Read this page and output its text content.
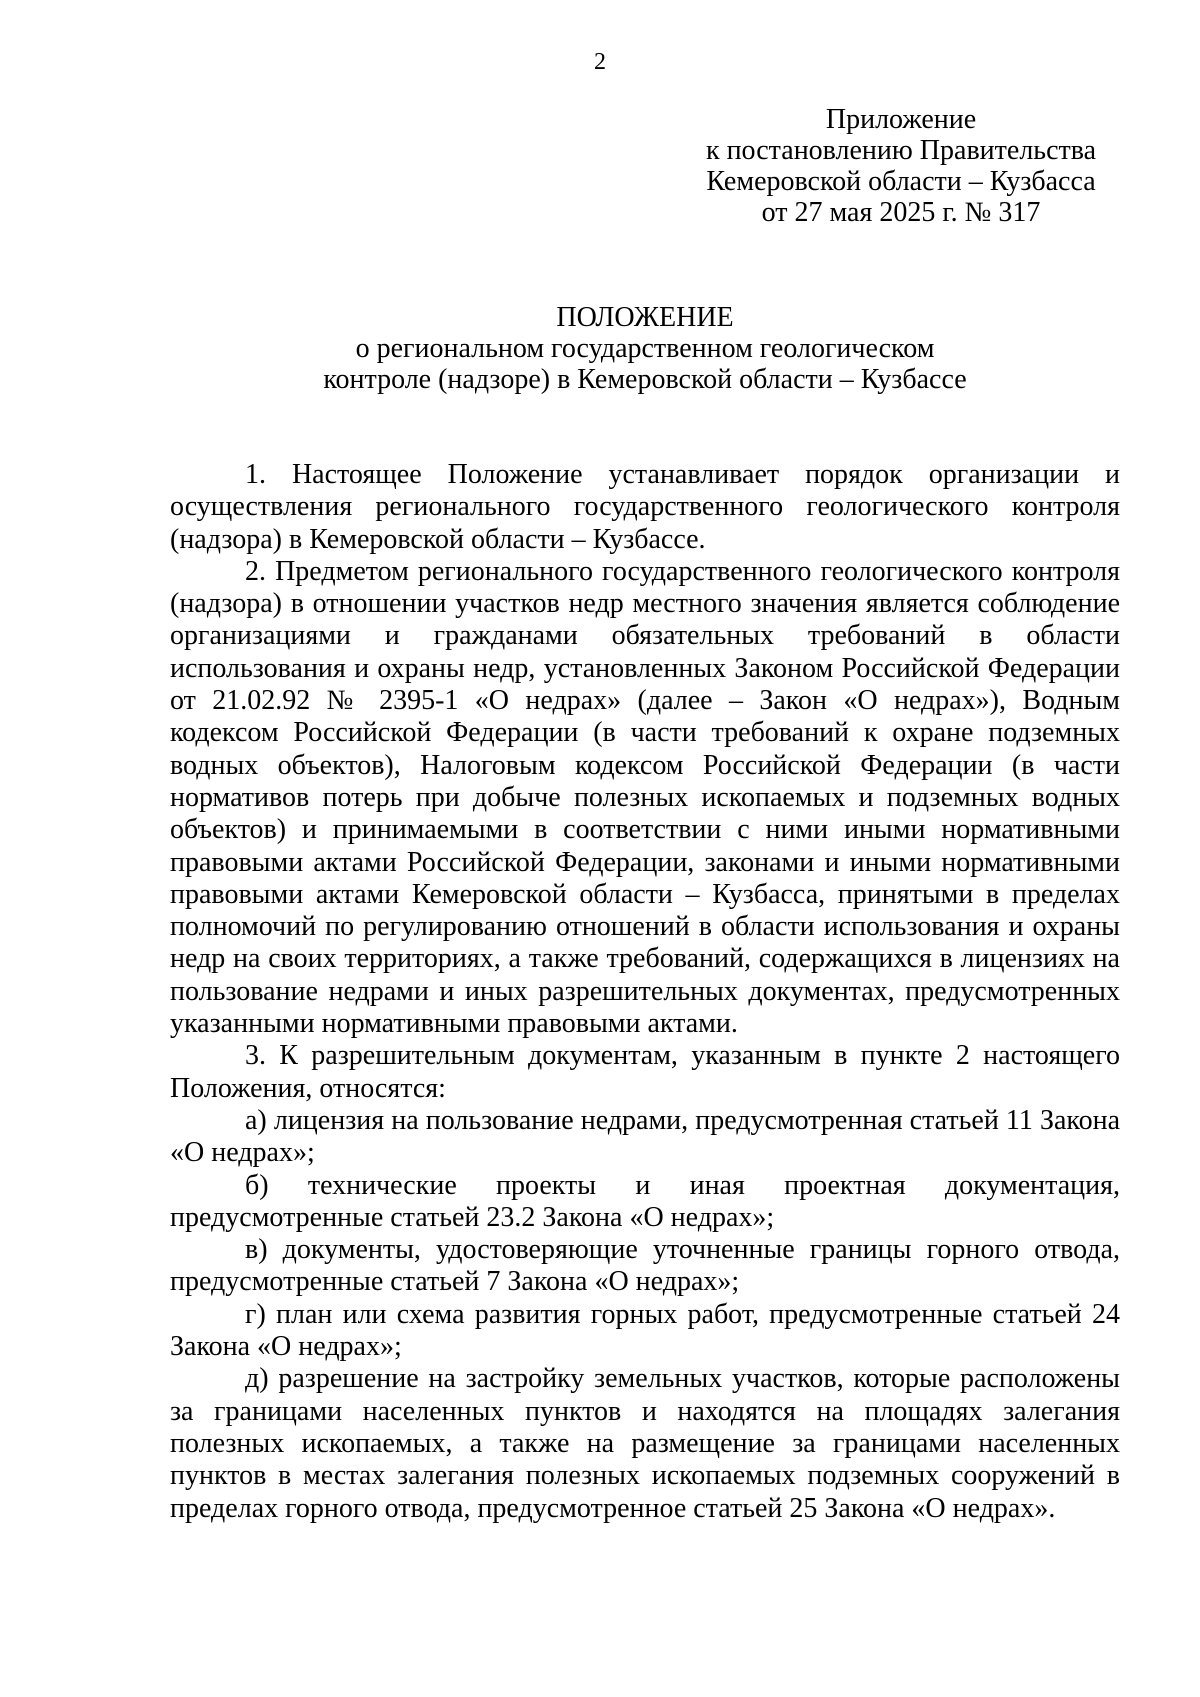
2
Приложение
к постановлению Правительства
Кемеровской области – Кузбасса
от 27 мая 2025 г. № 317
ПОЛОЖЕНИЕ
о региональном государственном геологическом
контроле (надзоре) в Кемеровской области – Кузбассе

1. Настоящее Положение устанавливает порядок организации и осуществления регионального государственного геологического контроля (надзора) в Кемеровской области – Кузбассе.

2. Предметом регионального государственного геологического контроля (надзора) в отношении участков недр местного значения является соблюдение организациями и гражданами обязательных требований в области использования и охраны недр, установленных Законом Российской Федерации от 21.02.92 № 2395-1 «О недрах» (далее – Закон «О недрах»), Водным кодексом Российской Федерации (в части требований к охране подземных водных объектов), Налоговым кодексом Российской Федерации (в части нормативов потерь при добыче полезных ископаемых и подземных водных объектов) и принимаемыми в соответствии с ними иными нормативными правовыми актами Российской Федерации, законами и иными нормативными правовыми актами Кемеровской области – Кузбасса, принятыми в пределах полномочий по регулированию отношений в области использования и охраны недр на своих территориях, а также требований, содержащихся в лицензиях на пользование недрами и иных разрешительных документах, предусмотренных указанными нормативными правовыми актами.

3. К разрешительным документам, указанным в пункте 2 настоящего Положения, относятся:

а) лицензия на пользование недрами, предусмотренная статьей 11 Закона «О недрах»;

б) технические проекты и иная проектная документация, предусмотренные статьей 23.2 Закона «О недрах»;

в) документы, удостоверяющие уточненные границы горного отвода, предусмотренные статьей 7 Закона «О недрах»;

г) план или схема развития горных работ, предусмотренные статьей 24 Закона «О недрах»;

д) разрешение на застройку земельных участков, которые расположены за границами населенных пунктов и находятся на площадях залегания полезных ископаемых, а также на размещение за границами населенных пунктов в местах залегания полезных ископаемых подземных сооружений в пределах горного отвода, предусмотренное статьей 25 Закона «О недрах».
